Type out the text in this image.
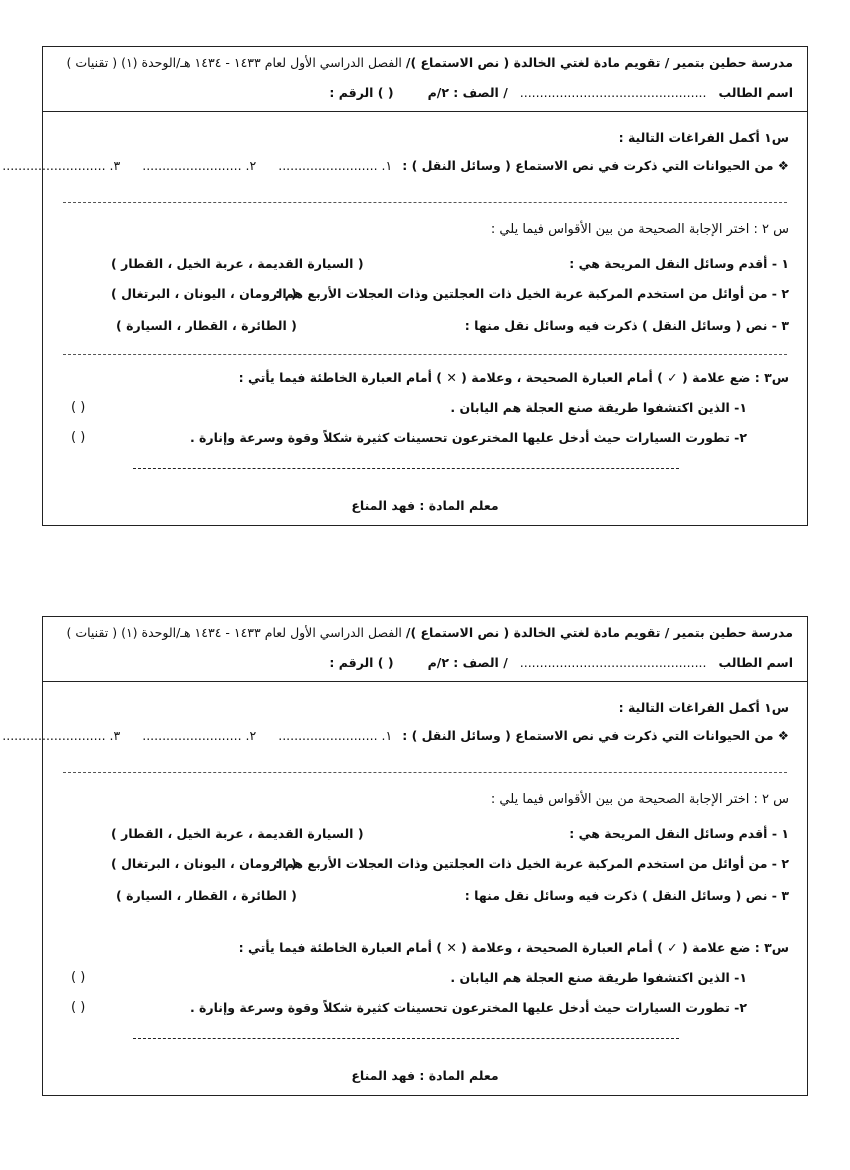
مدرسة حطين بتمير / تقويم مادة لغتي الخالدة ( نص الاستماع )/ الفصل الدراسي الأول لعام ١٤٣٣ - ١٤٣٤ هـ/الوحدة (١) ( تقنيات )
اسم الطالب ............................................... / الصف : ٢/م ( ) الرقم :
س١ أكمل الفراغات التالية :
❖ من الحيوانات التي ذكرت في نص الاستماع ( وسائل النقل ) : ١. ......................... ٢. ......................... ٣. ..........................
س ٢ : اختر الإجابة الصحيحة من بين الأقواس فيما يلي :
١ - أقدم وسائل النقل المريحة هي :
( السيارة القديمة ، عربة الخيل ، القطار )
٢ - من أوائل من استخدم المركبة عربة الخيل ذات العجلتين وذات العجلات الأربع هم :
( الرومان ، اليونان ، البرتغال )
٣ - نص ( وسائل النقل ) ذكرت فيه وسائل نقل منها :
( الطائرة ، القطار ، السيارة )
س٣ : ضع علامة ( ✓ ) أمام العبارة الصحيحة ، وعلامة ( ✕ ) أمام العبارة الخاطئة فيما يأتي :
١- الذين اكتشفوا طريقة صنع العجلة هم اليابان .
( )
٢- تطورت السيارات حيث أدخل عليها المخترعون تحسينات كثيرة شكلاً وقوة وسرعة وإنارة .
( )
معلم المادة : فهد المناع
مدرسة حطين بتمير / تقويم مادة لغتي الخالدة ( نص الاستماع )/ الفصل الدراسي الأول لعام ١٤٣٣ - ١٤٣٤ هـ/الوحدة (١) ( تقنيات )
اسم الطالب ............................................... / الصف : ٢/م ( ) الرقم :
س١ أكمل الفراغات التالية :
❖ من الحيوانات التي ذكرت في نص الاستماع ( وسائل النقل ) : ١. ......................... ٢. ......................... ٣. ..........................
س ٢ : اختر الإجابة الصحيحة من بين الأقواس فيما يلي :
١ - أقدم وسائل النقل المريحة هي :
( السيارة القديمة ، عربة الخيل ، القطار )
٢ - من أوائل من استخدم المركبة عربة الخيل ذات العجلتين وذات العجلات الأربع هم :
( الرومان ، اليونان ، البرتغال )
٣ - نص ( وسائل النقل ) ذكرت فيه وسائل نقل منها :
( الطائرة ، القطار ، السيارة )
س٣ : ضع علامة ( ✓ ) أمام العبارة الصحيحة ، وعلامة ( ✕ ) أمام العبارة الخاطئة فيما يأتي :
١- الذين اكتشفوا طريقة صنع العجلة هم اليابان .
( )
٢- تطورت السيارات حيث أدخل عليها المخترعون تحسينات كثيرة شكلاً وقوة وسرعة وإنارة .
( )
معلم المادة : فهد المناع
